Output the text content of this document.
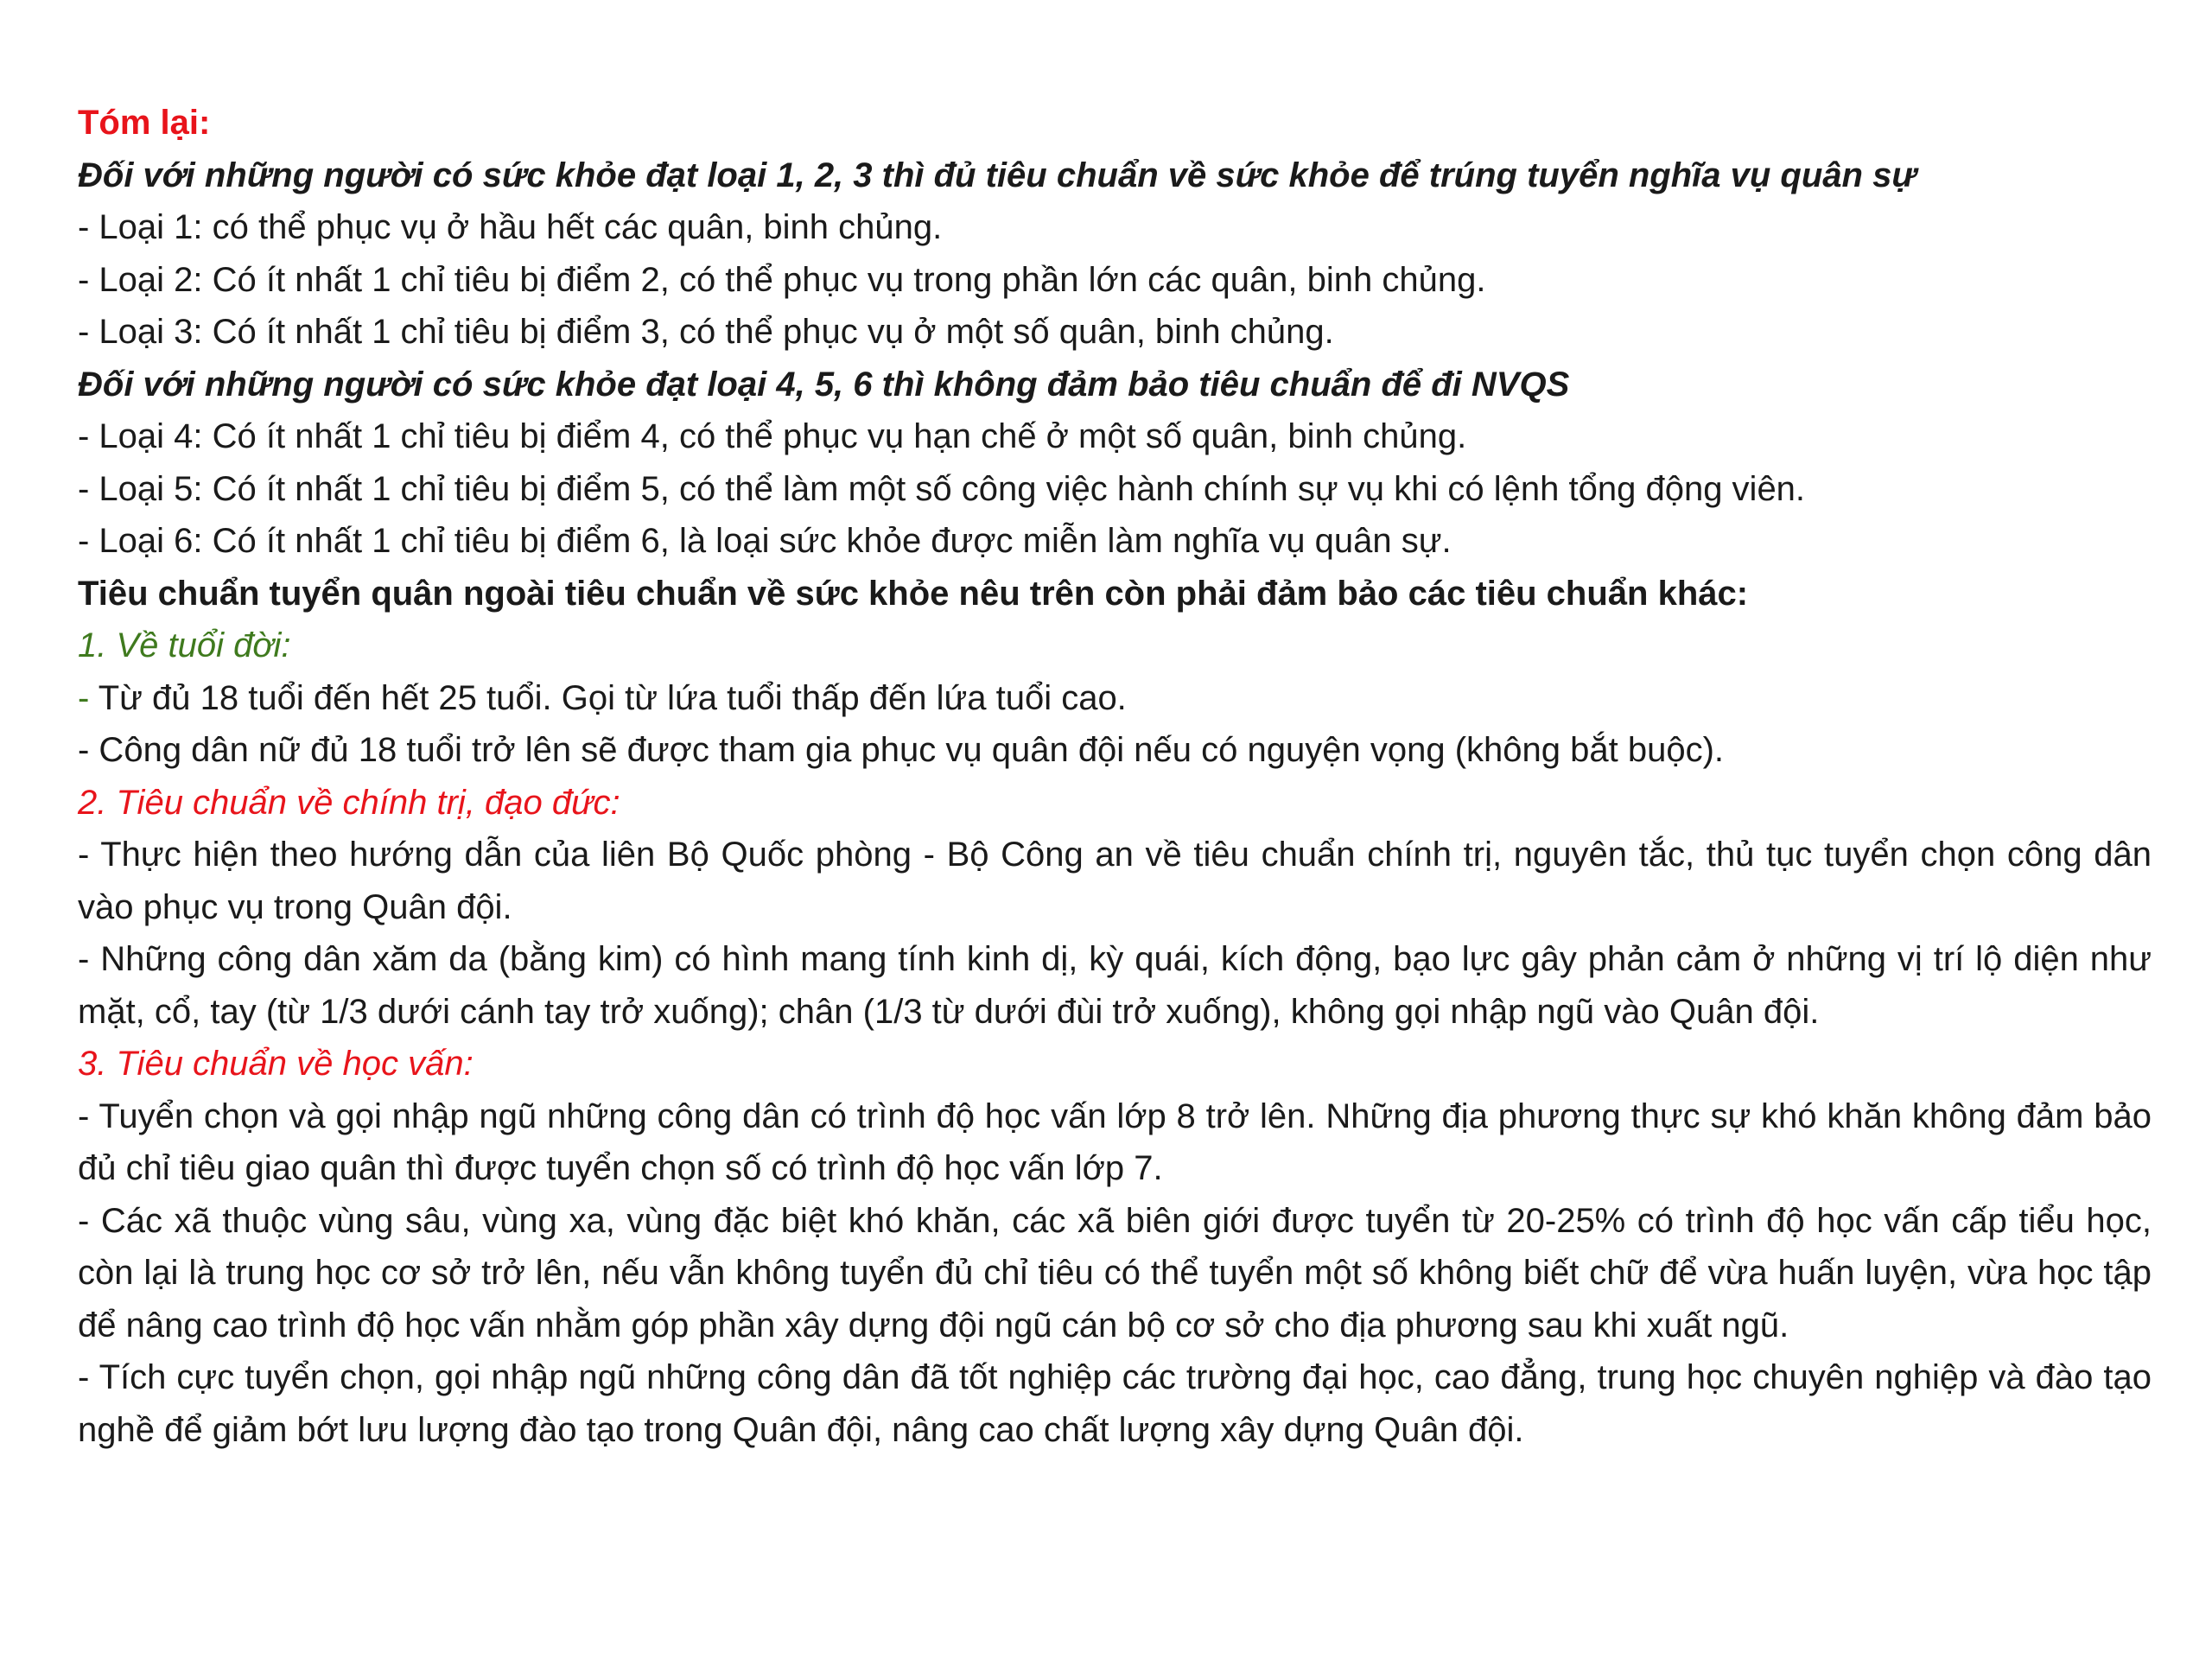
Tóm lại:
Đối với những người có sức khỏe đạt loại 1, 2, 3 thì đủ tiêu chuẩn về sức khỏe để trúng tuyển nghĩa vụ quân sự
- Loại 1: có thể phục vụ ở hầu hết các quân, binh chủng.
- Loại 2: Có ít nhất 1 chỉ tiêu bị điểm 2, có thể phục vụ trong phần lớn các quân, binh chủng.
- Loại 3: Có ít nhất 1 chỉ tiêu bị điểm 3, có thể phục vụ ở một số quân, binh chủng.
Đối với những người có sức khỏe đạt loại 4, 5, 6 thì không đảm bảo tiêu chuẩn để đi NVQS
- Loại 4: Có ít nhất 1 chỉ tiêu bị điểm 4, có thể phục vụ hạn chế ở một số quân, binh chủng.
- Loại 5: Có ít nhất 1 chỉ tiêu bị điểm 5, có thể làm một số công việc hành chính sự vụ khi có lệnh tổng động viên.
- Loại 6: Có ít nhất 1 chỉ tiêu bị điểm 6, là loại sức khỏe được miễn làm nghĩa vụ quân sự.
Tiêu chuẩn tuyển quân ngoài tiêu chuẩn về sức khỏe nêu trên còn phải đảm bảo các tiêu chuẩn khác:
1. Về tuổi đời:
- Từ đủ 18 tuổi đến hết 25 tuổi. Gọi từ lứa tuổi thấp đến lứa tuổi cao.
- Công dân nữ đủ 18 tuổi trở lên sẽ được tham gia phục vụ quân đội nếu có nguyện vọng (không bắt buộc).
2. Tiêu chuẩn về chính trị, đạo đức:

- Thực hiện theo hướng dẫn của liên Bộ Quốc phòng - Bộ Công an về tiêu chuẩn chính trị, nguyên tắc, thủ tục tuyển chọn công dân vào phục vụ trong Quân đội.

- Những công dân xăm da (bằng kim) có hình mang tính kinh dị, kỳ quái, kích động, bạo lực gây phản cảm ở những vị trí lộ diện như mặt, cổ, tay (từ 1/3 dưới cánh tay trở xuống); chân (1/3 từ dưới đùi trở xuống), không gọi nhập ngũ vào Quân đội.

3. Tiêu chuẩn về học vấn:

- Tuyển chọn và gọi nhập ngũ những công dân có trình độ học vấn lớp 8 trở lên. Những địa phương thực sự khó khăn không đảm bảo đủ chỉ tiêu giao quân thì được tuyển chọn số có trình độ học vấn lớp 7.

- Các xã thuộc vùng sâu, vùng xa, vùng đặc biệt khó khăn, các xã biên giới được tuyển từ 20-25% có trình độ học vấn cấp tiểu học, còn lại là trung học cơ sở trở lên, nếu vẫn không tuyển đủ chỉ tiêu có thể tuyển một số không biết chữ để vừa huấn luyện, vừa học tập để nâng cao trình độ học vấn nhằm góp phần xây dựng đội ngũ cán bộ cơ sở cho địa phương sau khi xuất ngũ.

- Tích cực tuyển chọn, gọi nhập ngũ những công dân đã tốt nghiệp các trường đại học, cao đẳng, trung học chuyên nghiệp và đào tạo nghề để giảm bớt lưu lượng đào tạo trong Quân đội, nâng cao chất lượng xây dựng Quân đội.
